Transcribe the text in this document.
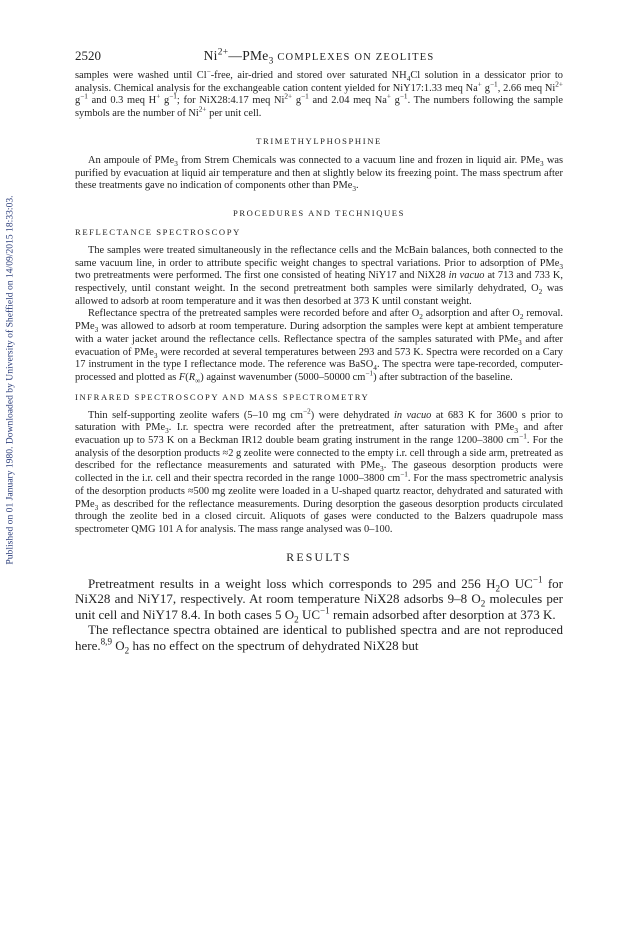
Published on 01 January 1980. Downloaded by University of Sheffield on 14/09/2015 18:33:03.
2520	$Ni^{2+}—PMe_3$ COMPLEXES ON ZEOLITES

samples were washed until Cl−-free, air-dried and stored over saturated $NH_4Cl$ solution in a dessicator prior to analysis. Chemical analysis for the exchangeable cation content yielded for NiY17:1.33 meq Na+ $g^{-1}$, 2.66 meq $Ni^{2+}$ $g^{-1}$ and 0.3 meq H+ $g^{-1}$; for NiX28:4.17 meq $Ni^{2+}$ $g^{-1}$ and 2.04 meq Na+ $g^{-1}$. The numbers following the sample symbols are the number of $Ni^{2+}$ per unit cell.

TRIMETHYLPHOSPHINE

An ampoule of PMe$_3$ from Strem Chemicals was connected to a vacuum line and frozen in liquid air. PMe$_3$ was purified by evacuation at liquid air temperature and then at slightly below its freezing point. The mass spectrum after these treatments gave no indication of components other than PMe$_3$.

PROCEDURES AND TECHNIQUES
REFLECTANCE SPECTROSCOPY

The samples were treated simultaneously in the reflectance cells and the McBain balances, both connected to the same vacuum line, in order to attribute specific weight changes to spectral variations. Prior to adsorption of PMe$_3$ two pretreatments were performed. The first one consisted of heating NiY17 and NiX28 in vacuo at 713 and 733 K, respectively, until constant weight. In the second pretreatment both samples were similarly dehydrated, $O_2$ was allowed to adsorb at room temperature and it was then desorbed at 373 K until constant weight.

Reflectance spectra of the pretreated samples were recorded before and after $O_2$ adsorption and after $O_2$ removal. PMe$_3$ was allowed to adsorb at room temperature. During adsorption the samples were kept at ambient temperature with a water jacket around the reflectance cells. Reflectance spectra of the samples saturated with PMe$_3$ and after evacuation of PMe$_3$ were recorded at several temperatures between 293 and 573 K. Spectra were recorded on a Cary 17 instrument in the type I reflectance mode. The reference was BaSO$_4$. The spectra were tape-recorded, computer-processed and plotted as $F(R_\infty)$ against wavenumber (5000–50000 $cm^{-1}$) after subtraction of the baseline.

INFRARED SPECTROSCOPY AND MASS SPECTROMETRY

Thin self-supporting zeolite wafers (5–10 mg $cm^{-2}$) were dehydrated in vacuo at 683 K for 3600 s prior to saturation with PMe$_3$. I.r. spectra were recorded after the pretreatment, after saturation with PMe$_3$ and after evacuation up to 573 K on a Beckman IR12 double beam grating instrument in the range 1200–3800 $cm^{-1}$. For the analysis of the desorption products ≈2 g zeolite were connected to the empty i.r. cell through a side arm, pretreated as described for the reflectance measurements and saturated with PMe$_3$. The gaseous desorption products were collected in the i.r. cell and their spectra recorded in the range 1000–3800 $cm^{-1}$. For the mass spectrometric analysis of the desorption products ≈500 mg zeolite were loaded in a U-shaped quartz reactor, dehydrated and saturated with PMe$_3$ as described for the reflectance measurements. During desorption the gaseous desorption products circulated through the zeolite bed in a closed circuit. Aliquots of gases were conducted to the Balzers quadrupole mass spectrometer QMG 101 A for analysis. The mass range analysed was 0–100.

RESULTS

Pretreatment results in a weight loss which corresponds to 295 and 256 $H_2O$ $UC^{-1}$ for NiX28 and NiY17, respectively. At room temperature NiX28 adsorbs 9–8 $O_2$ molecules per unit cell and NiY17 8.4. In both cases 5 $O_2$ $UC^{-1}$ remain adsorbed after desorption at 373 K.

The reflectance spectra obtained are identical to published spectra and are not reproduced here.$^{8,9}$ $O_2$ has no effect on the spectrum of dehydrated NiX28 but
